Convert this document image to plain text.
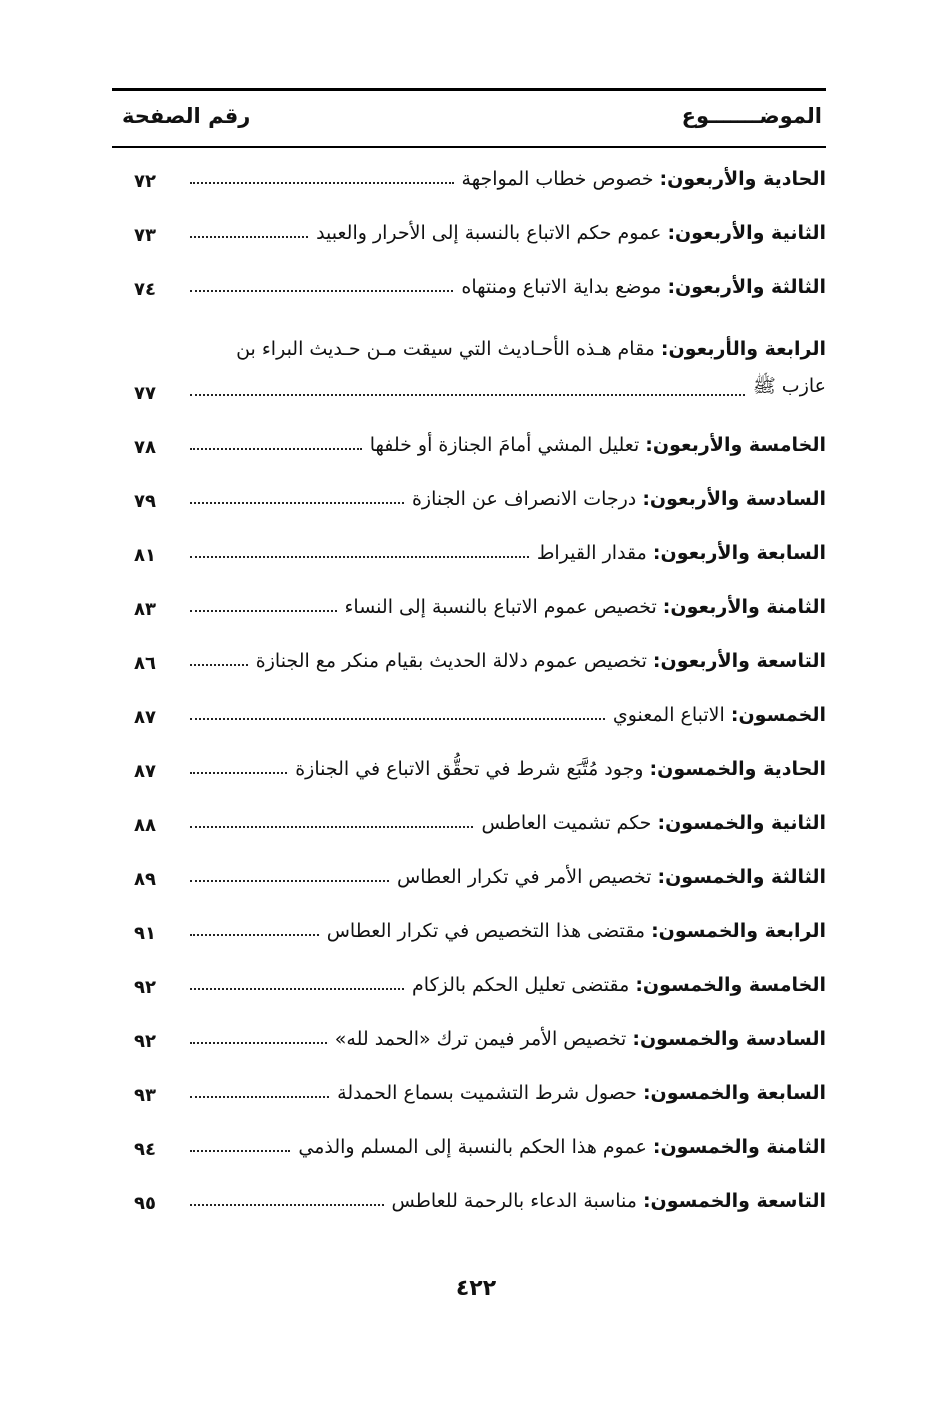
الموضـــــــوع
رقم الصفحة
الحادية والأربعون:

خصوص خطاب المواجهة
٧٢
الثانية والأربعون:

عموم حكم الاتباع بالنسبة إلى الأحرار والعبيد
٧٣
الثالثة والأربعون:

موضع بداية الاتباع ومنتهاه
٧٤
الرابعة والأربعون: مقام هـذه الأحـاديث التي سيقت مـن حـديث البراء بن
عازب ﷺ
٧٧
الخامسة والأربعون:

تعليل المشي أمامَ الجنازة أو خلفها
٧٨
السادسة والأربعون:

درجات الانصراف عن الجنازة
٧٩
السابعة والأربعون:

مقدار القيراط
٨١
الثامنة والأربعون:

تخصيص عموم الاتباع بالنسبة إلى النساء
٨٣
التاسعة والأربعون:

تخصيص عموم دلالة الحديث بقيام منكر مع الجنازة
٨٦
الخمسون:

الاتباع المعنوي
٨٧
الحادية والخمسون:

وجود مُتَّبَع شرط في تحقُّق الاتباع في الجنازة
٨٧
الثانية والخمسون:

حكم تشميت العاطس
٨٨
الثالثة والخمسون:

تخصيص الأمر في تكرار العطاس
٨٩
الرابعة والخمسون:

مقتضى هذا التخصيص في تكرار العطاس
٩١
الخامسة والخمسون:

مقتضى تعليل الحكم بالزكام
٩٢
السادسة والخمسون:

تخصيص الأمر فيمن ترك «الحمد لله»
٩٢
السابعة والخمسون:

حصول شرط التشميت بسماع الحمدلة
٩٣
الثامنة والخمسون:

عموم هذا الحكم بالنسبة إلى المسلم والذمي
٩٤
التاسعة والخمسون:

مناسبة الدعاء بالرحمة للعاطس
٩٥
٤٢٢
